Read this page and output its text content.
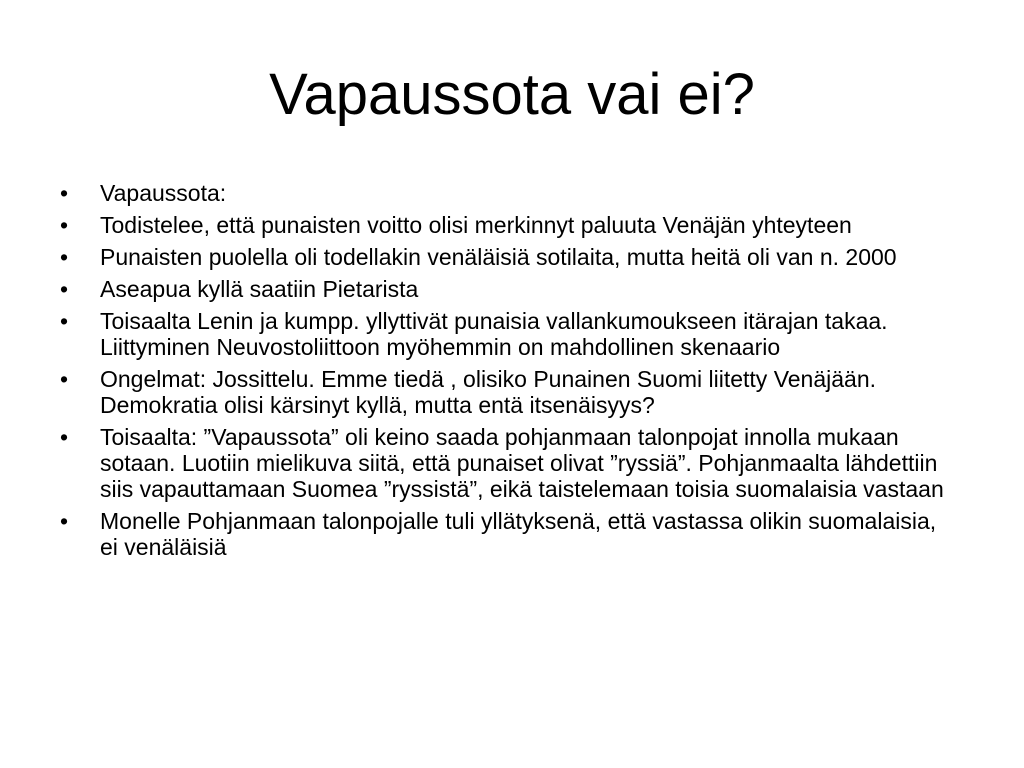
Vapaussota vai ei?
•	Vapaussota:
•	Todistelee, että punaisten voitto olisi merkinnyt paluuta Venäjän yhteyteen
•	Punaisten puolella oli todellakin venäläisiä sotilaita, mutta heitä oli van n. 2000
•	Aseapua kyllä saatiin Pietarista
•	Toisaalta Lenin ja kumpp. yllyttivät punaisia vallankumoukseen itärajan takaa. Liittyminen Neuvostoliittoon myöhemmin on mahdollinen skenaario
•	Ongelmat: Jossittelu. Emme tiedä , olisiko Punainen Suomi liitetty Venäjään. Demokratia olisi kärsinyt kyllä, mutta entä itsenäisyys?
•	Toisaalta: ”Vapaussota” oli keino saada pohjanmaan talonpojat innolla mukaan sotaan. Luotiin mielikuva siitä, että punaiset olivat ”ryssiä”. Pohjanmaalta lähdettiin siis vapauttamaan Suomea ”ryssistä”, eikä taistelemaan toisia suomalaisia vastaan
•	Monelle Pohjanmaan talonpojalle tuli yllätyksenä, että vastassa olikin suomalaisia, ei venäläisiä
